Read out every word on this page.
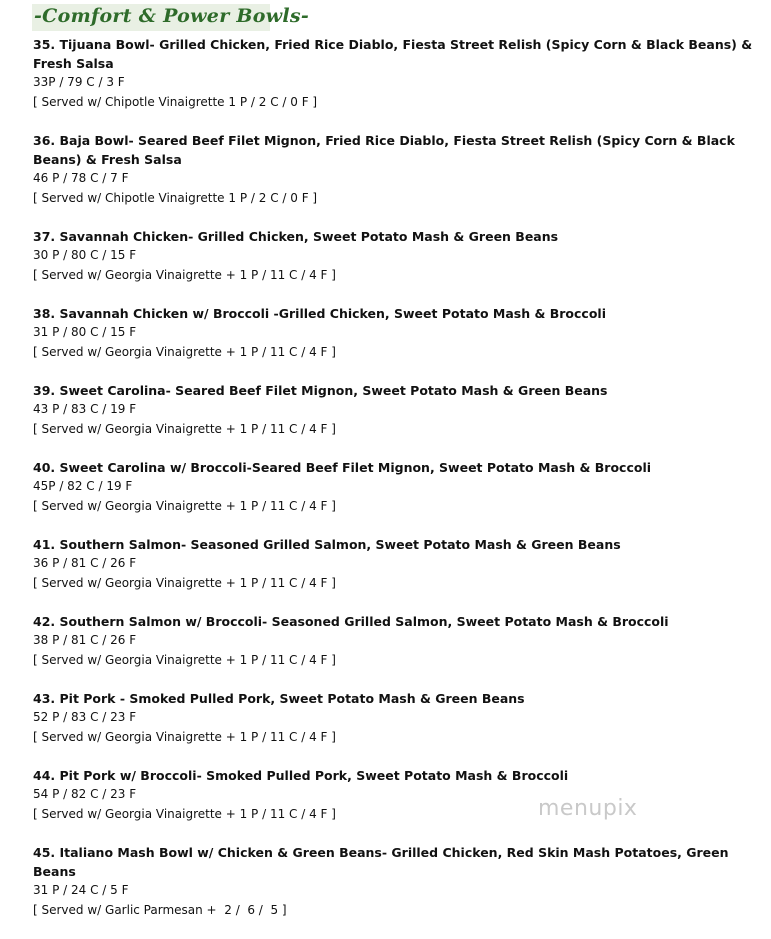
-Comfort & Power Bowls-
35. Tijuana Bowl- Grilled Chicken, Fried Rice Diablo, Fiesta Street Relish (Spicy Corn & Black Beans) & Fresh Salsa
33P / 79 C / 3 F
[ Served w/ Chipotle Vinaigrette 1 P / 2 C / 0 F ]
36. Baja Bowl- Seared Beef Filet Mignon, Fried Rice Diablo, Fiesta Street Relish (Spicy Corn & Black Beans) & Fresh Salsa
46 P / 78 C / 7 F
[ Served w/ Chipotle Vinaigrette 1 P / 2 C / 0 F ]
37. Savannah Chicken- Grilled Chicken, Sweet Potato Mash & Green Beans
30 P / 80 C / 15 F
[ Served w/ Georgia Vinaigrette + 1 P / 11 C / 4 F ]
38. Savannah Chicken w/ Broccoli -Grilled Chicken, Sweet Potato Mash & Broccoli
31 P / 80 C / 15 F
[ Served w/ Georgia Vinaigrette + 1 P / 11 C / 4 F ]
39. Sweet Carolina- Seared Beef Filet Mignon, Sweet Potato Mash & Green Beans
43 P / 83 C / 19 F
[ Served w/ Georgia Vinaigrette + 1 P / 11 C / 4 F ]
40. Sweet Carolina w/ Broccoli-Seared Beef Filet Mignon, Sweet Potato Mash & Broccoli
45P / 82 C / 19 F
[ Served w/ Georgia Vinaigrette + 1 P / 11 C / 4 F ]
41. Southern Salmon- Seasoned Grilled Salmon, Sweet Potato Mash & Green Beans
36 P / 81 C / 26 F
[ Served w/ Georgia Vinaigrette + 1 P / 11 C / 4 F ]
42. Southern Salmon w/ Broccoli- Seasoned Grilled Salmon, Sweet Potato Mash & Broccoli
38 P / 81 C / 26 F
[ Served w/ Georgia Vinaigrette + 1 P / 11 C / 4 F ]
43. Pit Pork - Smoked Pulled Pork, Sweet Potato Mash & Green Beans
52 P / 83 C / 23 F
[ Served w/ Georgia Vinaigrette + 1 P / 11 C / 4 F ]
44. Pit Pork w/ Broccoli- Smoked Pulled Pork, Sweet Potato Mash & Broccoli
54 P / 82 C / 23 F
[ Served w/ Georgia Vinaigrette + 1 P / 11 C / 4 F ]
45. Italiano Mash Bowl w/ Chicken & Green Beans- Grilled Chicken, Red Skin Mash Potatoes, Green Beans
31 P / 24 C / 5 F
[ Served w/ Garlic Parmesan +  2 /  6 /  5 ]
menupix
